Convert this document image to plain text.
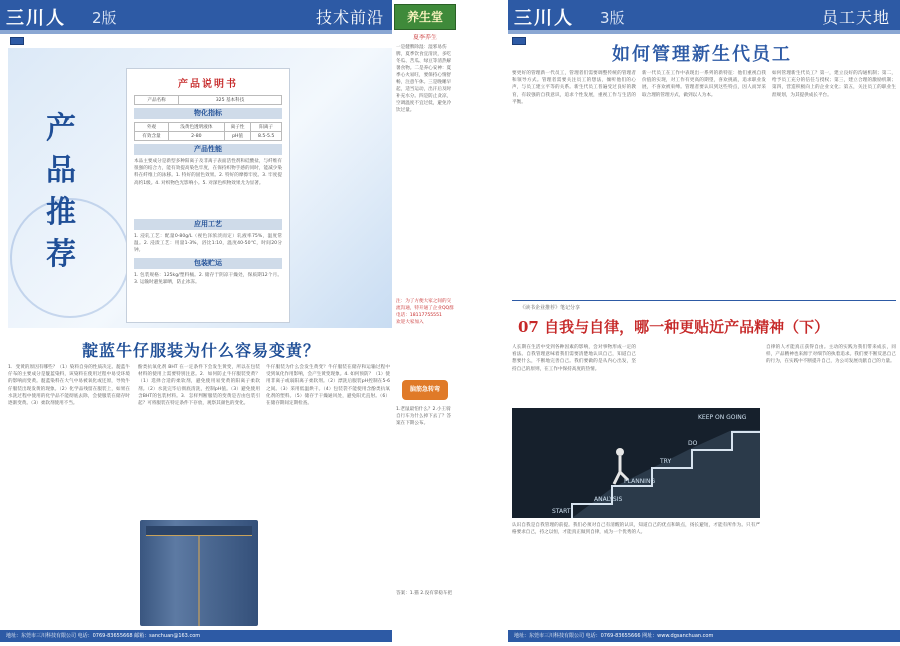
三川人 2版	技术前沿
产品推荐
产品说明书
产品名称	325 基本科技
物化指标
外观	浅黄色透明液体	离子性	阳离子
有效含量	2-80	pH值	8.5-5.5
产品性能
本品主要成分是新型多种阳离子及非离子表面活性剂和硅酸盐，与纤维有很强的结合力，能有效提高染色牢度，在保持织物手感的同时，能减少染料在纤维上的泳移。1. 特好的固色效果。2. 特好的摩擦牢度。3. 牢度提高约1级。4. 对织物色光影响小。5. 对深色织物效果尤为显著。
应用工艺
1. 浸轧工艺：配量0-80g/L（视色泽浓淡而定）轧液率75%，温度常温。2. 浸渍工艺：用量1-3%，浴比1:10，温度40-50℃，时间20分钟。
包装贮运
1. 包装规格：125kg/塑料桶。2. 储存于阴凉干燥处，保质期12个月。3. 运输时避免暴晒，防止冰冻。
靛蓝牛仔服装为什么容易变黄？
1．变黄的原因有哪些？（1）染料自身的性质决定。靛蓝牛仔布的主要成分是靛蓝染料，该染料在使用过程中易受环境的影响而变黄。靛蓝染料在大气中易被氧化或还原，导致牛仔服装出现发黄的现象。（2）化学品残留在服装上，如果在水洗过程中使用的化学品不能彻底去除，会使服装在储存时逐渐变黄。（3）柔软剂使用不当。
酚类抗氧化剂 BHT 在一定条件下会发生黄变，所以在包装材料的使用上需要特别注意。2．如何防止牛仔服装变黄？（1）选择合适的柔软剂，避免使用易变黄的阳离子柔软剂。（2）水洗完毕后彻底清洗，控制pH值。（3）避免使用含BHT的包装材料。3．怎样判断服装的变黄是否由包装引起？可将服装在特定条件下存放，观察其颜色的变化。
牛仔服装为什么会发生黄变？牛仔服装在储存和运输过程中受到氧化作用影响，会产生黄变现象。4. 如何预防？（1）使用非离子或弱阳离子柔软剂。（2）漂洗后服装pH控制在5-6之间。（3）采用低温烘干。（4）包装袋不能使用含酚类抗氧化剂的塑料。（5）储存于干燥通风处，避免阳光直射。（6）在储存期间定期检查。
地址：东莞市三川科技有限公司 电话：0769-83655668 邮箱：sanchuan@163.com
养生堂
夏季养生
一是健脾除湿：湿邪易伤脾，夏季饮食宜清淡，多吃冬瓜、苦瓜、绿豆等清热解暑食物。二是养心安神：夏季心火易旺，要保持心情舒畅，注意午休。三是晚睡早起，适当运动，出汗后及时补充水分。四是防止贪凉，空调温度不宜过低，避免冷饮过量。
注：为了方便大家之间的交流沟通，特开通了企业QQ群
电话：18117755551
欢迎大家加入
脑筋急转弯
1.老鼠最怕什么？2.小王骑自行车为什么掉下去了？答案在下期公布。
答案：1.猫 2.没有掌稳车把
三川人 3版	员工天地
如何管理新生代员工
要更好的管理新一代员工，管理者们需要调整传统的管理者和领导方式。管理者需要关注员工的想法，倾听他们的心声，与员工建立平等的关系。新生代员工普遍受过良好的教育，有较强的自我意识，追求个性发展，重视工作与生活的平衡。
新一代员工在工作中表现出一系列的新特征：他们重视自我价值的实现，对工作有更高的期望，喜欢挑战，追求职业发展，不喜欢被束缚。管理者要认识到这些特点，因人而异采取合理的管理方式，做到以人为本。
如何管理新生代员工？第一，建立良好的沟通机制；第二，给予员工充分的信任与授权；第三，建立合理的激励机制；第四，营造积极向上的企业文化；第五，关注员工的职业生涯规划，为其提供成长平台。
《读书企业推荐》笔记分享
07 自我与自律，哪一种更贴近产品精神（下）
人长期在生活中受到各种因素的影响，会对事物形成一定的看法。自我管理意味着我们需要清楚地认识自己，知道自己想要什么，不断地完善自己。我们要做的是从内心出发，坚持自己的原则，在工作中保持高度的热情。
TRY
DO
PLANNING
ANALYSIS
START
KEEP ON GOING
认识自我是自我管理的前提。我们必须对自己有清醒的认识，知道自己的优点和缺点，扬长避短，才能有所作为。只有严格要求自己，持之以恒，才能真正做到自律，成为一个优秀的人。
自律的人才能真正获得自由。主动的实践为我们带来成长，同样，产品精神也来源于对细节的执着追求。我们要不断反思自己的行为，在实践中不断提升自己，为公司发展贡献自己的力量。
地址：东莞市三川科技有限公司 电话：0769-83655666 网址：www.dgsanchuan.com
